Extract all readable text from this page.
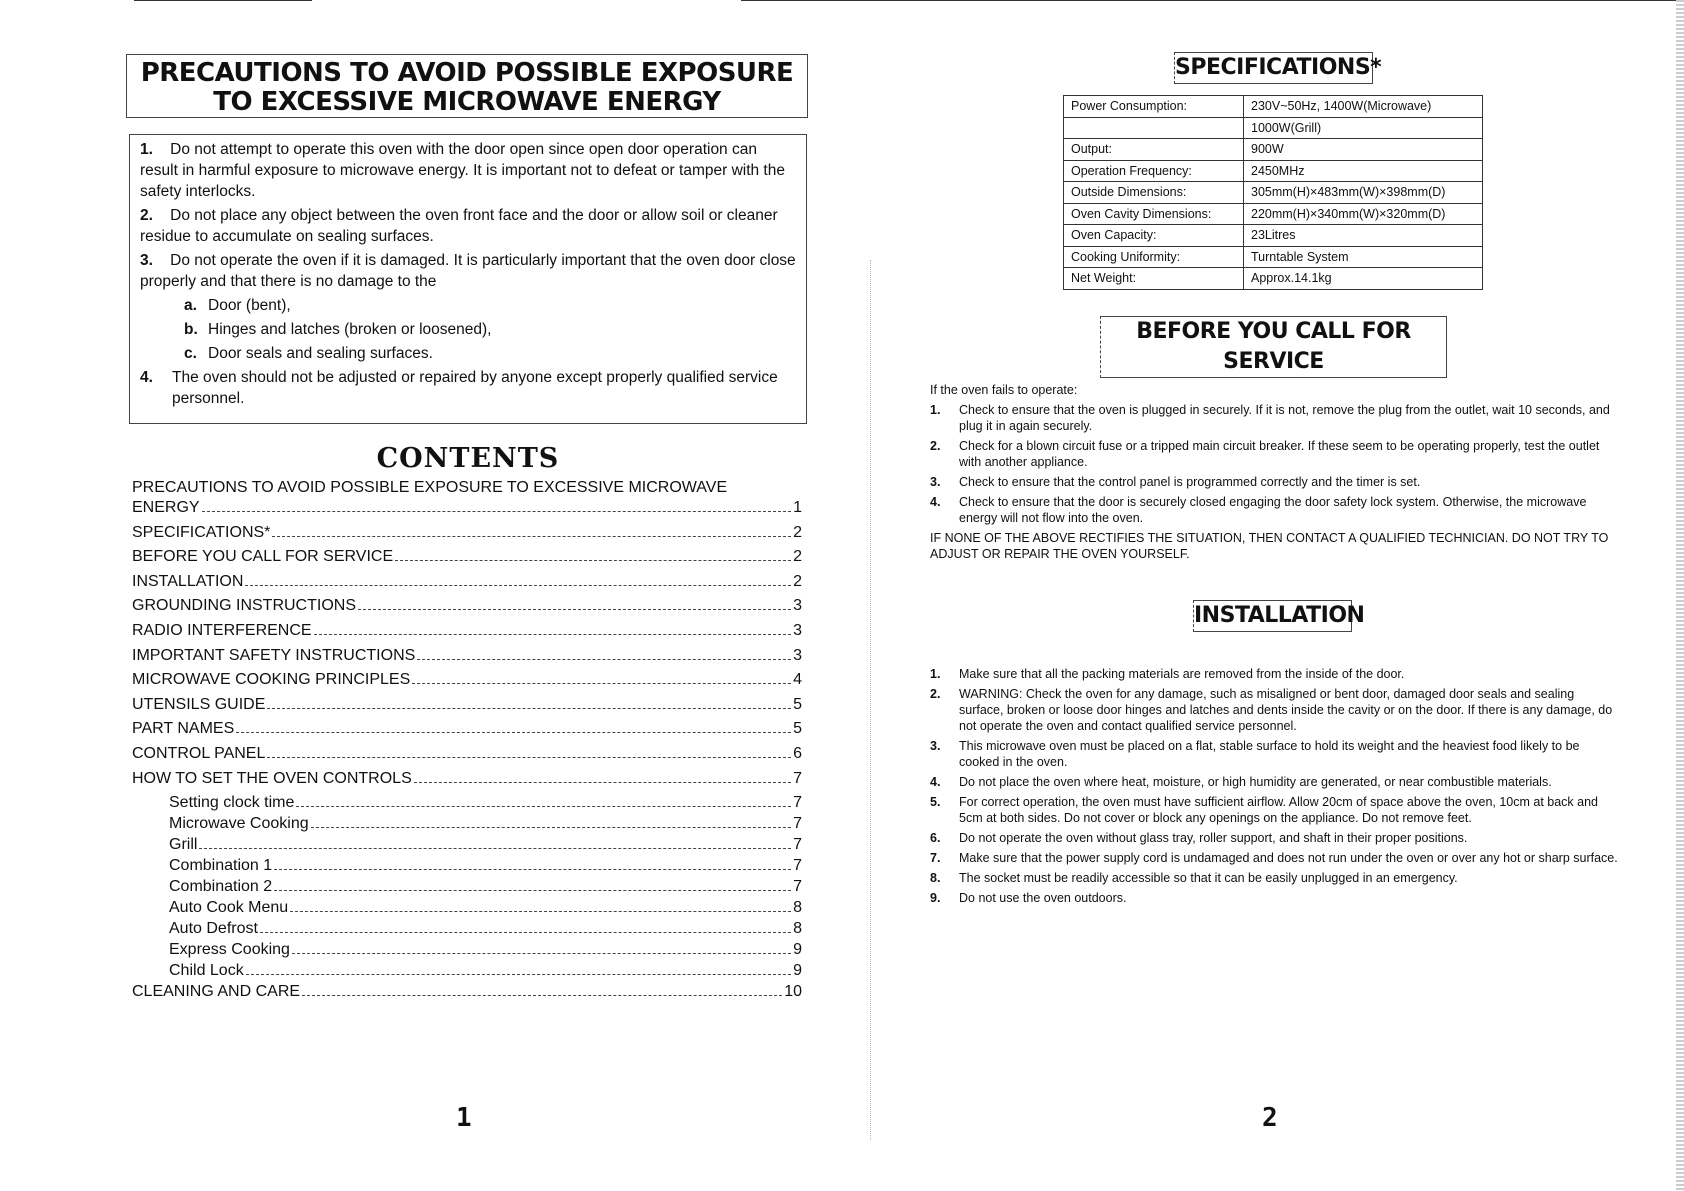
PRECAUTIONS TO AVOID POSSIBLE EXPOSURE TO EXCESSIVE MICROWAVE ENERGY

1. Do not attempt to operate this oven with the door open since open door operation can result in harmful exposure to microwave energy. It is important not to defeat or tamper with the safety interlocks.

2. Do not place any object between the oven front face and the door or allow soil or cleaner residue to accumulate on sealing surfaces.

3. Do not operate the oven if it is damaged. It is particularly important that the oven door close properly and that there is no damage to the

a. Door (bent),

b. Hinges and latches (broken or loosened),

c. Door seals and sealing surfaces.

4. The oven should not be adjusted or repaired by anyone except properly qualified service personnel.

CONTENTS
PRECAUTIONS TO AVOID POSSIBLE EXPOSURE TO EXCESSIVE MICROWAVE
ENERGY	1
SPECIFICATIONS*	2
BEFORE YOU CALL FOR SERVICE	2
INSTALLATION	2
GROUNDING INSTRUCTIONS	3
RADIO INTERFERENCE	3
IMPORTANT SAFETY INSTRUCTIONS	3
MICROWAVE COOKING PRINCIPLES	4
UTENSILS GUIDE	5
PART NAMES	5
CONTROL PANEL	6
HOW TO SET THE OVEN CONTROLS	7
Setting clock time	7
Microwave Cooking	7
Grill	7
Combination 1	7
Combination 2	7
Auto Cook Menu	8
Auto Defrost	8
Express Cooking	9
Child Lock	9
CLEANING AND CARE	10
1
SPECIFICATIONS*
Power Consumption:	230V~50Hz, 1400W(Microwave)
	1000W(Grill)
Output:	900W
Operation Frequency:	2450MHz
Outside Dimensions:	305mm(H)×483mm(W)×398mm(D)
Oven Cavity Dimensions:	220mm(H)×340mm(W)×320mm(D)
Oven Capacity:	23Litres
Cooking Uniformity:	Turntable System
Net Weight:	Approx.14.1kg
BEFORE YOU CALL FOR SERVICE
If the oven fails to operate:
1.	Check to ensure that the oven is plugged in securely. If it is not, remove the plug from the outlet, wait 10 seconds, and plug it in again securely.
2.	Check for a blown circuit fuse or a tripped main circuit breaker. If these seem to be operating properly, test the outlet with another appliance.
3.	Check to ensure that the control panel is programmed correctly and the timer is set.
4.	Check to ensure that the door is securely closed engaging the door safety lock system. Otherwise, the microwave energy will not flow into the oven.
IF NONE OF THE ABOVE RECTIFIES THE SITUATION, THEN CONTACT A QUALIFIED TECHNICIAN. DO NOT TRY TO ADJUST OR REPAIR THE OVEN YOURSELF.
INSTALLATION
1.	Make sure that all the packing materials are removed from the inside of the door.
2.	WARNING: Check the oven for any damage, such as misaligned or bent door, damaged door seals and sealing surface, broken or loose door hinges and latches and dents inside the cavity or on the door. If there is any damage, do not operate the oven and contact qualified service personnel.
3.	This microwave oven must be placed on a flat, stable surface to hold its weight and the heaviest food likely to be cooked in the oven.
4.	Do not place the oven where heat, moisture, or high humidity are generated, or near combustible materials.
5.	For correct operation, the oven must have sufficient airflow. Allow 20cm of space above the oven, 10cm at back and 5cm at both sides. Do not cover or block any openings on the appliance. Do not remove feet.
6.	Do not operate the oven without glass tray, roller support, and shaft in their proper positions.
7.	Make sure that the power supply cord is undamaged and does not run under the oven or over any hot or sharp surface.
8.	The socket must be readily accessible so that it can be easily unplugged in an emergency.
9.	Do not use the oven outdoors.
2
